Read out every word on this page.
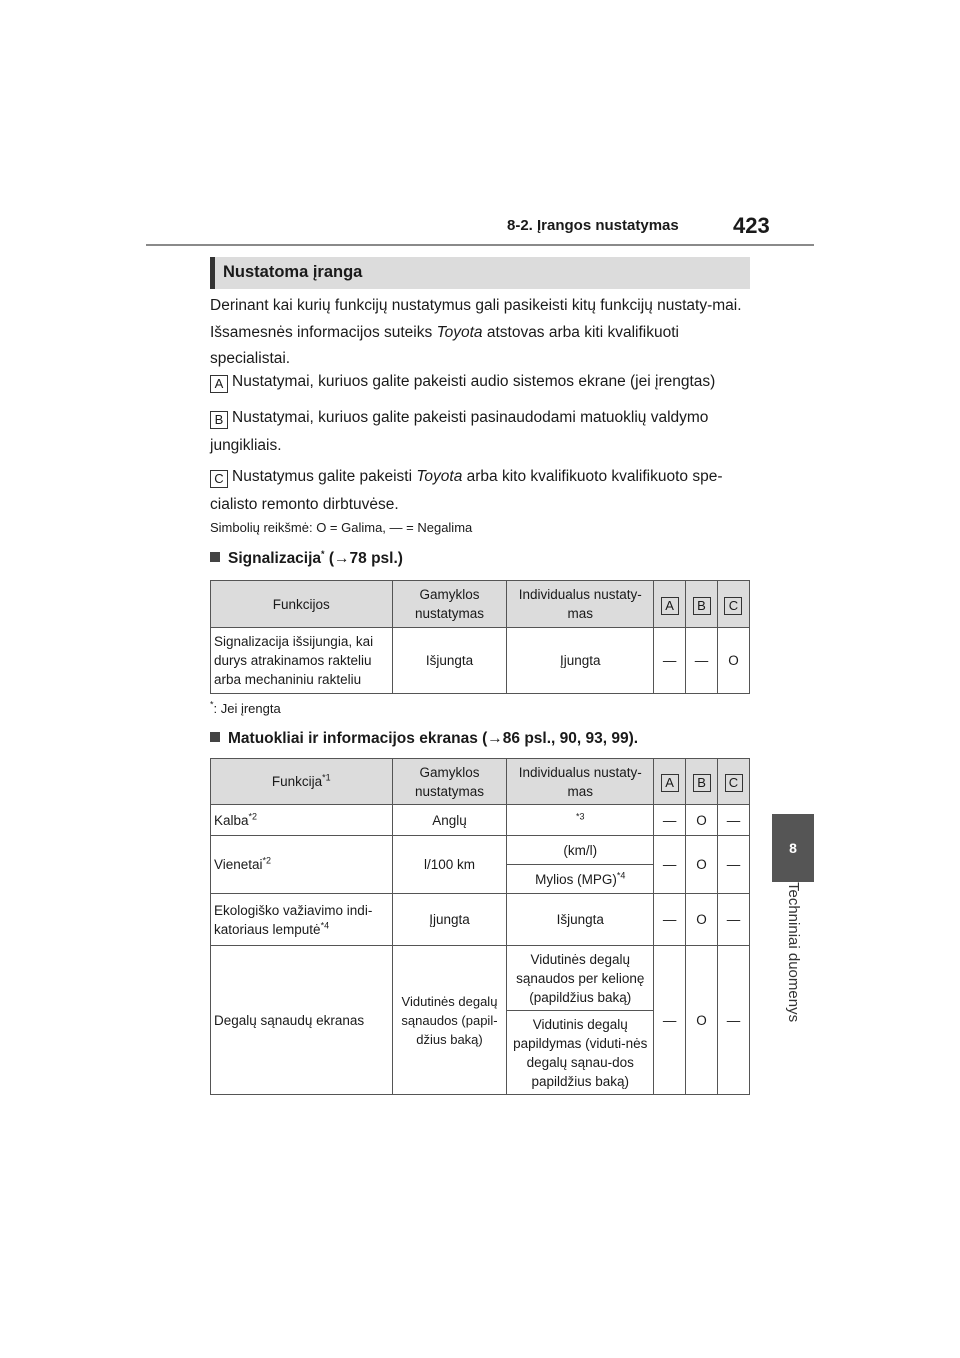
8-2. Įrangos nustatymas 423
8
Techniniai duomenys
Nustatoma įranga
Derinant kai kurių funkcijų nustatymus gali pasikeisti kitų funkcijų nustaty-mai. Išsamesnės informacijos suteiks Toyota atstovas arba kiti kvalifikuoti specialistai.
A Nustatymai, kuriuos galite pakeisti audio sistemos ekrane (jei įrengtas)
B Nustatymai, kuriuos galite pakeisti pasinaudodami matuoklių valdymo jungikliais.
C Nustatymus galite pakeisti Toyota arba kito kvalifikuoto kvalifikuoto spe-cialisto remonto dirbtuvėse.
Simbolių reikšmė: O = Galima, — = Negalima
Signalizacija* (→78 psl.)
Funkcijos	Gamyklos nustatymas	Individualus nustaty-mas	A	B	C
Signalizacija išsijungia, kai durys atrakinamos rakteliu arba mechaniniu rakteliu	Išjungta	Įjungta	—	—	O
*: Jei įrengta
Matuokliai ir informacijos ekranas (→86 psl., 90, 93, 99).
Funkcija$^{*1}$	Gamyklos nustatymas	Individualus nustaty-mas	A	B	C
Kalba$^{*2}$	Anglų	$^{*3}$	—	O	—
Vienetai$^{*2}$	l/100 km	(km/l)	—	O	—
		Mylios (MPG)$^{*4}$
Ekologiško važiavimo indi-katoriaus lemputė$^{*4}$	Įjungta	Išjungta	—	O	—
Degalų sąnaudų ekranas	Vidutinės degalų sąnaudos (papil-džius baką)	Vidutinės degalų sąnaudos per kelionę (papildžius baką)	—	O	—
		Vidutinis degalų papildymas (viduti-nės degalų sąnau-dos papildžius baką)			
